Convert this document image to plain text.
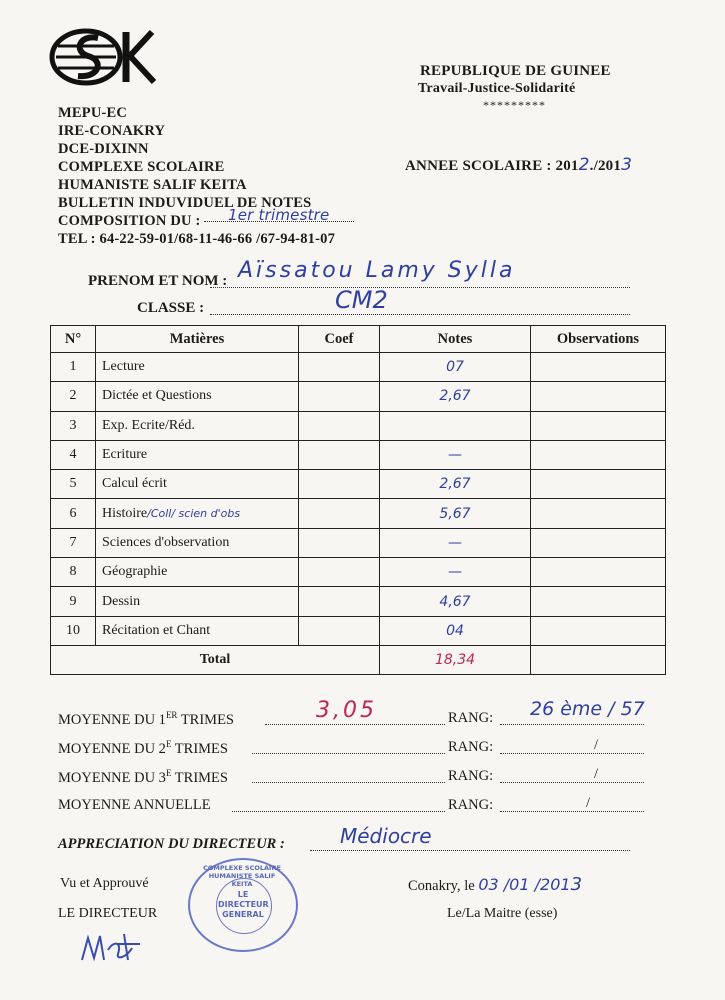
REPUBLIQUE DE GUINEE
Travail-Justice-Solidarité
*********
MEPU-EC
IRE-CONAKRY
DCE-DIXINN
COMPLEXE SCOLAIRE
HUMANISTE SALIF KEITA
BULLETIN INDUVIDUEL DE NOTES
COMPOSITION DU : 1er trimestre
TEL : 64-22-59-01/68-11-46-66 /67-94-81-07
ANNEE SCOLAIRE : 2012./2013
PRENOM ET NOM : Aïssatou Lamy Sylla
CLASSE :	CM2
N°	Matières	Coef	Notes	Observations
1	Lecture		07	
2	Dictée et Questions		2,67	
3	Exp. Ecrite/Réd.			
4	Ecriture		—	
5	Calcul écrit		2,67	
6	Histoire/Coll/ scien d'obs		5,67	
7	Sciences d'observation		—	
8	Géographie		—	
9	Dessin		4,67	
10	Récitation et Chant		04	
Total			18,34	
MOYENNE DU 1ER TRIMES	3,05	RANG: 26 ème / 57
MOYENNE DU $2^E$ TRIMES	RANG:	/
MOYENNE DU $3^E$ TRIMES	RANG:	/
MOYENNE ANNUELLE	RANG:	/
APPRECIATION DU DIRECTEUR :	Médiocre
Vu et Approuvé
LE DIRECTEUR
Conakry, le 03 /01 /2013
Le/La Maitre (esse)
COMPLEXE SCOLAIRE HUMANISTE SALIF KEITA
LE DIRECTEUR GENERAL
